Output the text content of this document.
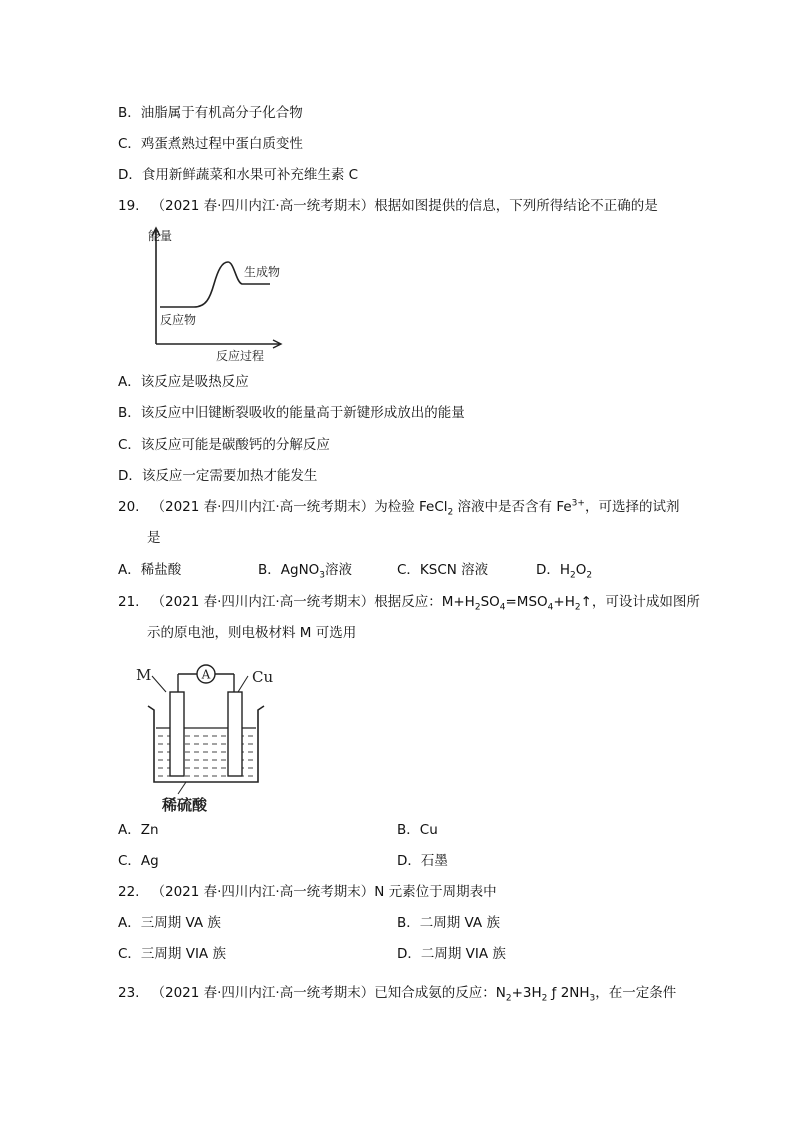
B．油脂属于有机高分子化合物
C．鸡蛋煮熟过程中蛋白质变性
D．食用新鲜蔬菜和水果可补充维生素 C
19. （2021 春·四川内江·高一统考期末）根据如图提供的信息，下列所得结论不正确的是
能量
反应过程
反应物
生成物
A．该反应是吸热反应
B．该反应中旧键断裂吸收的能量高于新键形成放出的能量
C．该反应可能是碳酸钙的分解反应
D．该反应一定需要加热才能发生
20. （2021 春·四川内江·高一统考期末）为检验 FeCl$_2$ 溶液中是否含有 $Fe^{3+}$，可选择的试剂
是
A．稀盐酸	B．AgNO$_3$溶液	C．KSCN 溶液	D．$H_2O_2$
21. （2021 春·四川内江·高一统考期末）根据反应：$M+H_2SO_4=MSO_4+H_2↑$，可设计成如图所
示的原电池，则电极材料 M 可选用
A
M	Cu
稀硫酸
A．Zn	B．Cu
C．Ag	D．石墨
22. （2021 春·四川内江·高一统考期末）N 元素位于周期表中
A．三周期 VA 族	B．二周期 VA 族
C．三周期 VIA 族	D．二周期 VIA 族
23. （2021 春·四川内江·高一统考期末）已知合成氨的反应：$N_2+3H_2$ ƒ $2NH_3$，在一定条件
